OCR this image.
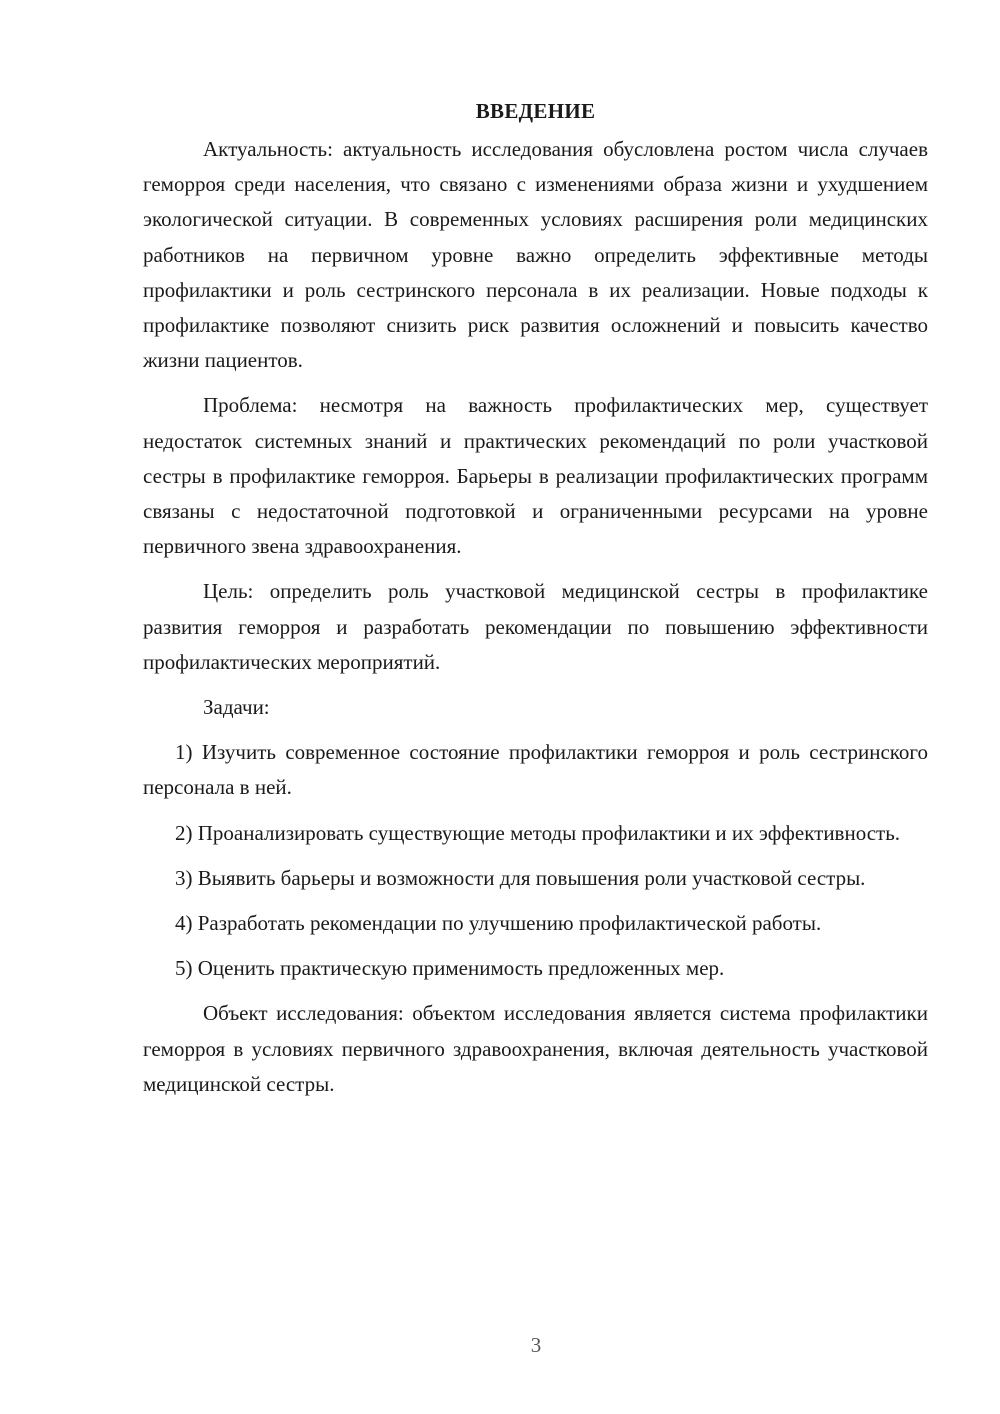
ВВЕДЕНИЕ

Актуальность: актуальность исследования обусловлена ростом числа случаев геморроя среди населения, что связано с изменениями образа жизни и ухудшением экологической ситуации. В современных условиях расширения роли медицинских работников на первичном уровне важно определить эффективные методы профилактики и роль сестринского персонала в их реализации. Новые подходы к профилактике позволяют снизить риск развития осложнений и повысить качество жизни пациентов.

Проблема: несмотря на важность профилактических мер, существует недостаток системных знаний и практических рекомендаций по роли участковой сестры в профилактике геморроя. Барьеры в реализации профилактических программ связаны с недостаточной подготовкой и ограниченными ресурсами на уровне первичного звена здравоохранения.

Цель: определить роль участковой медицинской сестры в профилактике развития геморроя и разработать рекомендации по повышению эффективности профилактических мероприятий.

Задачи:

1) Изучить современное состояние профилактики геморроя и роль сестринского персонала в ней.

2) Проанализировать существующие методы профилактики и их эффективность.

3) Выявить барьеры и возможности для повышения роли участковой сестры.

4) Разработать рекомендации по улучшению профилактической работы.

5) Оценить практическую применимость предложенных мер.

Объект исследования: объектом исследования является система профилактики геморроя в условиях первичного здравоохранения, включая деятельность участковой медицинской сестры.

3
